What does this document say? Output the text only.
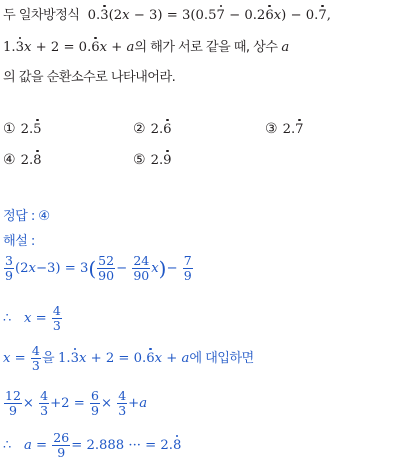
두 일차방정식  0.3(2x − 3) = 3(0.57 − 0.26x) − 0.7,
1.3x + 2 = 0.6x + a의 해가 서로 같을 때, 상수 a
의 값을 순환소수로 나타내어라.
① 2.5	② 2.6	③ 2.7
④ 2.8	⑤ 2.9
정답 : ④
해설 :
$\frac{3}{9} (2x-3) = 3( \frac{52}{90} - \frac{24}{90} x)- \frac{7}{9}$
∴   $x = \frac{4}{3}$
$x = \frac{4}{3}$ 을 1.3x + 2 = 0.6x + a에 대입하면
$\frac{12}{9} \times \frac{4}{3} +2 = \frac{6}{9} \times \frac{4}{3} +a$
∴   $a = \frac{26}{9} = 2.888$ ··· = 2.8
